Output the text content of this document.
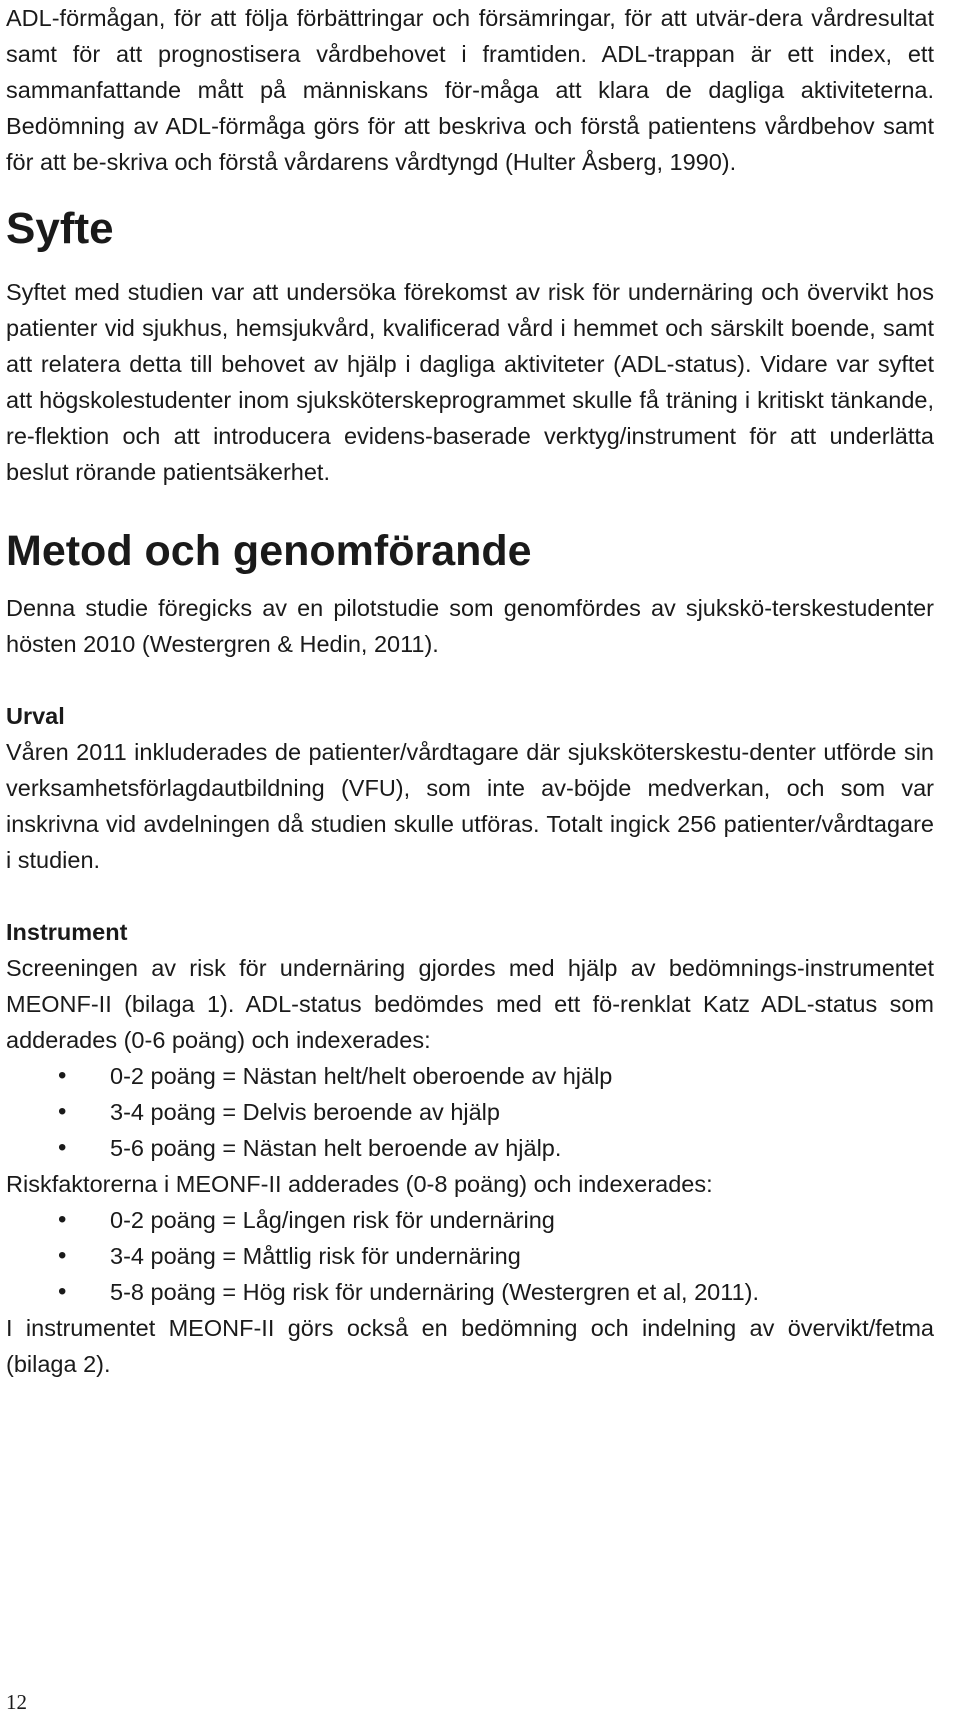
ADL-förmågan, för att följa förbättringar och försämringar, för att utvär-dera vårdresultat samt för att prognostisera vårdbehovet i framtiden. ADL-trappan är ett index, ett sammanfattande mått på människans för-måga att klara de dagliga aktiviteterna. Bedömning av ADL-förmåga görs för att beskriva och förstå patientens vårdbehov samt för att be-skriva och förstå vårdarens vårdtyngd (Hulter Åsberg, 1990).

Syfte

Syftet med studien var att undersöka förekomst av risk för undernäring och övervikt hos patienter vid sjukhus, hemsjukvård, kvalificerad vård i hemmet och särskilt boende, samt att relatera detta till behovet av hjälp i dagliga aktiviteter (ADL-status). Vidare var syftet att högskolestudenter inom sjuksköterskeprogrammet skulle få träning i kritiskt tänkande, re-flektion och att introducera evidens-baserade verktyg/instrument för att underlätta beslut rörande patientsäkerhet.

Metod och genomförande

Denna studie föregicks av en pilotstudie som genomfördes av sjukskö-terskestudenter hösten 2010 (Westergren & Hedin, 2011).

Urval

Våren 2011 inkluderades de patienter/vårdtagare där sjuksköterskestu-denter utförde sin verksamhetsförlagdautbildning (VFU), som inte av-böjde medverkan, och som var inskrivna vid avdelningen då studien skulle utföras. Totalt ingick 256 patienter/vårdtagare i studien.

Instrument

Screeningen av risk för undernäring gjordes med hjälp av bedömnings-instrumentet MEONF-II (bilaga 1). ADL-status bedömdes med ett fö-renklat Katz ADL-status som adderades (0-6 poäng) och indexerades:

• 0-2 poäng = Nästan helt/helt oberoende av hjälp
• 3-4 poäng = Delvis beroende av hjälp
• 5-6 poäng = Nästan helt beroende av hjälp.

Riskfaktorerna i MEONF-II adderades (0-8 poäng) och indexerades:

• 0-2 poäng = Låg/ingen risk för undernäring
• 3-4 poäng = Måttlig risk för undernäring
• 5-8 poäng = Hög risk för undernäring (Westergren et al, 2011).

I instrumentet MEONF-II görs också en bedömning och indelning av övervikt/fetma (bilaga 2).

12
